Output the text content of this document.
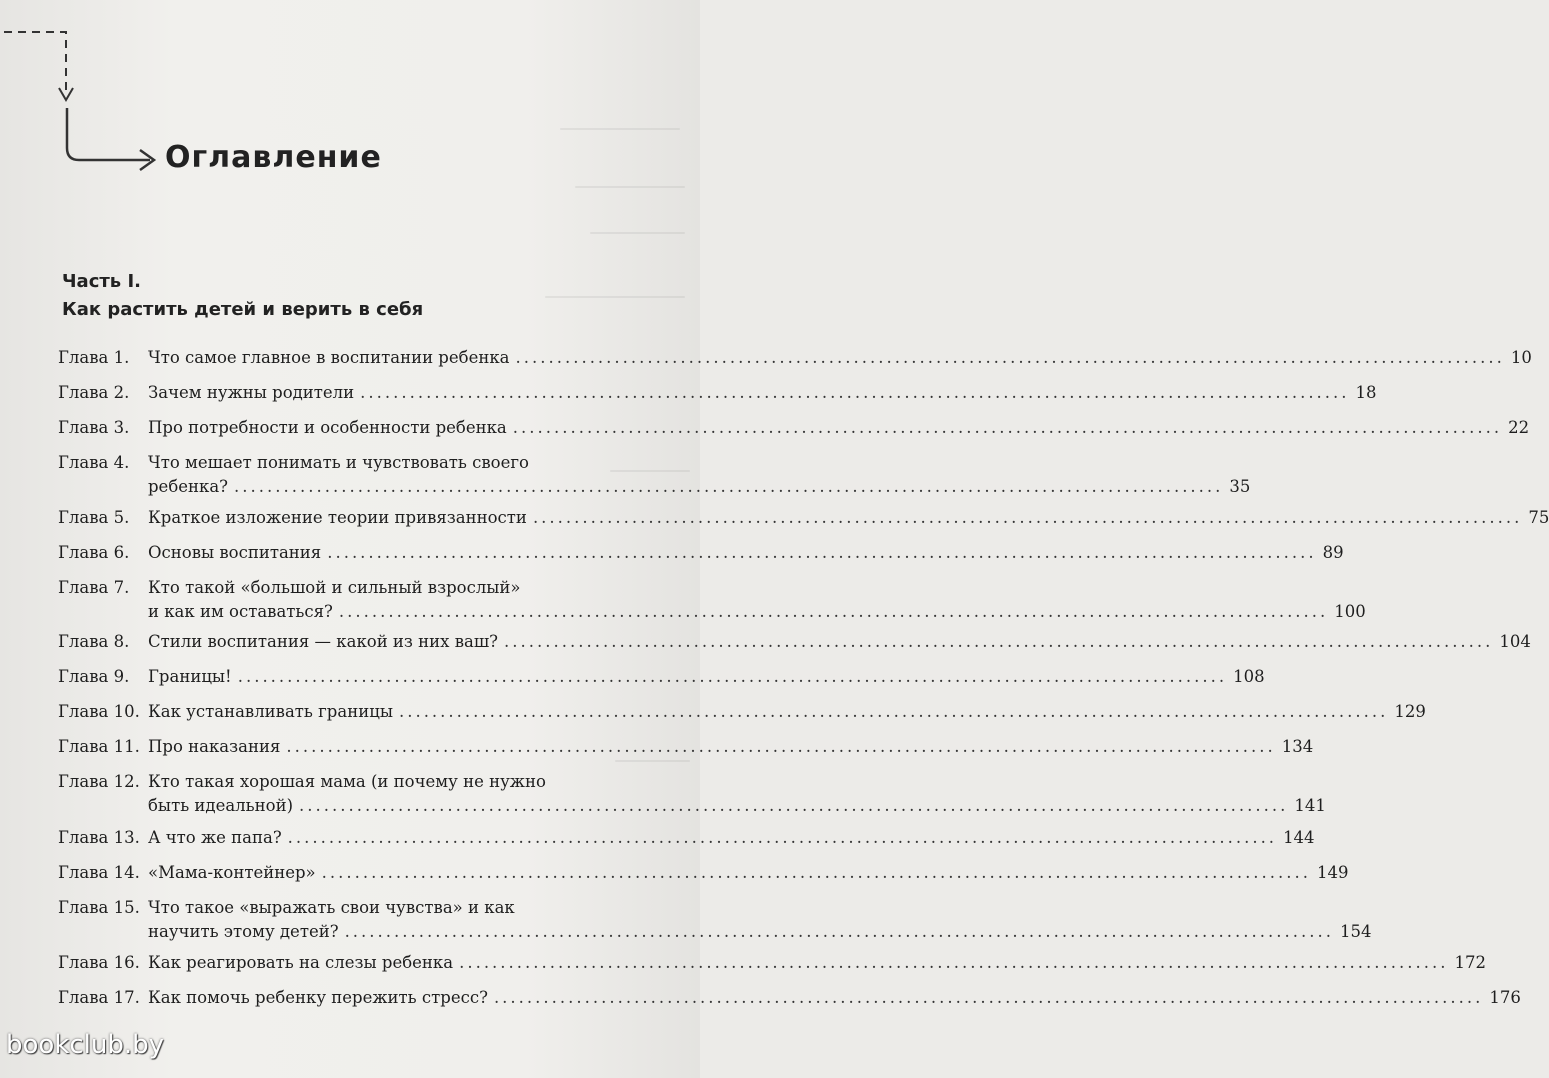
Оглавление
Часть I.
Как растить детей и верить в себя
Глава 1. Что самое главное в воспитании ребенка ........................................................................................................................ 10
Глава 2. Зачем нужны родители ........................................................................................................................ 18
Глава 3. Про потребности и особенности ребенка ........................................................................................................................ 22
Глава 4. Что мешает понимать и чувствовать своего
ребенка? ........................................................................................................................ 35
Глава 5. Краткое изложение теории привязанности ........................................................................................................................ 75
Глава 6. Основы воспитания ........................................................................................................................ 89
Глава 7. Кто такой «большой и сильный взрослый»
и как им оставаться? ........................................................................................................................ 100
Глава 8. Стили воспитания — какой из них ваш? ........................................................................................................................ 104
Глава 9. Границы! ........................................................................................................................ 108
Глава 10. Как устанавливать границы ........................................................................................................................ 129
Глава 11. Про наказания ........................................................................................................................ 134
Глава 12. Кто такая хорошая мама (и почему не нужно
быть идеальной) ........................................................................................................................ 141
Глава 13. А что же папа? ........................................................................................................................ 144
Глава 14. «Мама-контейнер» ........................................................................................................................ 149
Глава 15. Что такое «выражать свои чувства» и как
научить этому детей? ........................................................................................................................ 154
Глава 16. Как реагировать на слезы ребенка ........................................................................................................................ 172
Глава 17. Как помочь ребенку пережить стресс? ........................................................................................................................ 176
bookclub.by
